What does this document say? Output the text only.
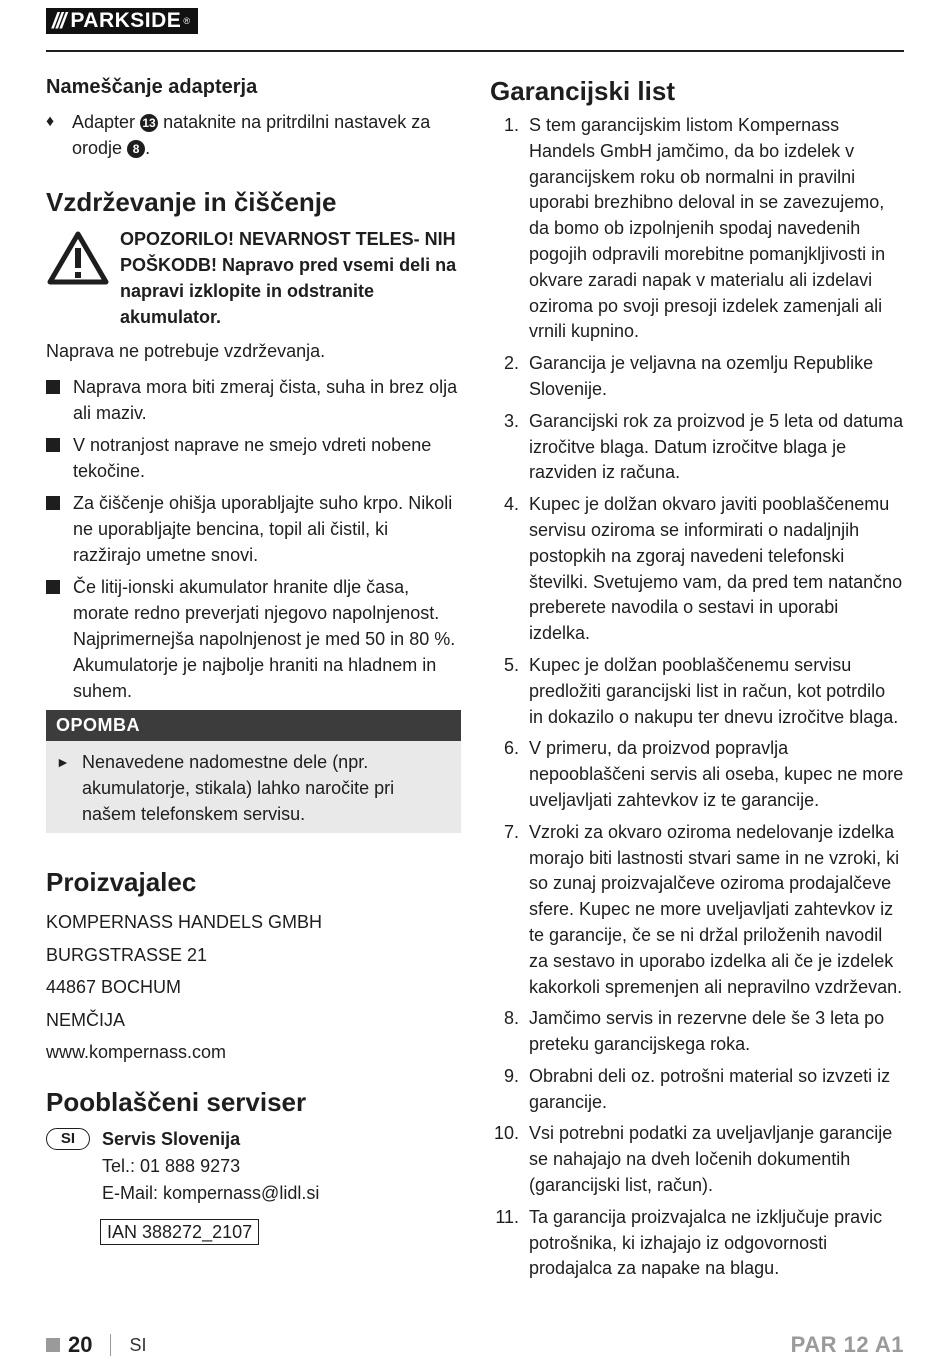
/// PARKSIDE ®
Nameščanje adapterja
♦ Adapter 13 nataknite na pritrdilni nastavek za orodje 8 .
Vzdrževanje in čiščenje
OPOZORILO! NEVARNOST TELES- NIH POŠKODB! Napravo pred vsemi deli na napravi izklopite in odstranite akumulator.
Naprava ne potrebuje vzdrževanja.
Naprava mora biti zmeraj čista, suha in brez olja ali maziv.
V notranjost naprave ne smejo vdreti nobene tekočine.
Za čiščenje ohišja uporabljajte suho krpo. Nikoli ne uporabljajte bencina, topil ali čistil, ki razžirajo umetne snovi.
Če litij-ionski akumulator hranite dlje časa, morate redno preverjati njegovo napolnjenost. Najprimernejša napolnjenost je med 50 in 80 %. Akumulatorje je najbolje hraniti na hladnem in suhem.
OPOMBA
► Nenavedene nadomestne dele (npr. akumulatorje, stikala) lahko naročite pri našem telefonskem servisu.
Proizvajalec
KOMPERNASS HANDELS GMBH
BURGSTRASSE 21
44867 BOCHUM
NEMČIJA
www.kompernass.com
Pooblaščeni serviser
SI	Servis Slovenija
Tel.: 01 888 9273
E-Mail: kompernass@lidl.si
IAN 388272_2107
Garancijski list
1. S tem garancijskim listom Kompernass Handels GmbH jamčimo, da bo izdelek v garancijskem roku ob normalni in pravilni uporabi brezhibno deloval in se zavezujemo, da bomo ob izpolnjenih spodaj navedenih pogojih odpravili morebitne pomanjkljivosti in okvare zaradi napak v materialu ali izdelavi oziroma po svoji presoji izdelek zamenjali ali vrnili kupnino.
2. Garancija je veljavna na ozemlju Republike Slovenije.
3. Garancijski rok za proizvod je 5 leta od datuma izročitve blaga. Datum izročitve blaga je razviden iz računa.
4. Kupec je dolžan okvaro javiti pooblaščenemu servisu oziroma se informirati o nadaljnjih postopkih na zgoraj navedeni telefonski številki. Svetujemo vam, da pred tem natančno preberete navodila o sestavi in uporabi izdelka.
5. Kupec je dolžan pooblaščenemu servisu predložiti garancijski list in račun, kot potrdilo in dokazilo o nakupu ter dnevu izročitve blaga.
6. V primeru, da proizvod popravlja nepooblaščeni servis ali oseba, kupec ne more uveljavljati zahtevkov iz te garancije.
7. Vzroki za okvaro oziroma nedelovanje izdelka morajo biti lastnosti stvari same in ne vzroki, ki so zunaj proizvajalčeve oziroma prodajalčeve sfere. Kupec ne more uveljavljati zahtevkov iz te garancije, če se ni držal priloženih navodil za sestavo in uporabo izdelka ali če je izdelek kakorkoli spremenjen ali nepravilno vzdrževan.
8. Jamčimo servis in rezervne dele še 3 leta po preteku garancijskega roka.
9. Obrabni deli oz. potrošni material so izvzeti iz garancije.
10. Vsi potrebni podatki za uveljavljanje garancije se nahajajo na dveh ločenih dokumentih (garancijski list, račun).
11. Ta garancija proizvajalca ne izključuje pravic potrošnika, ki izhajajo iz odgovornosti prodajalca za napake na blagu.
20 SI	PAR 12 A1
